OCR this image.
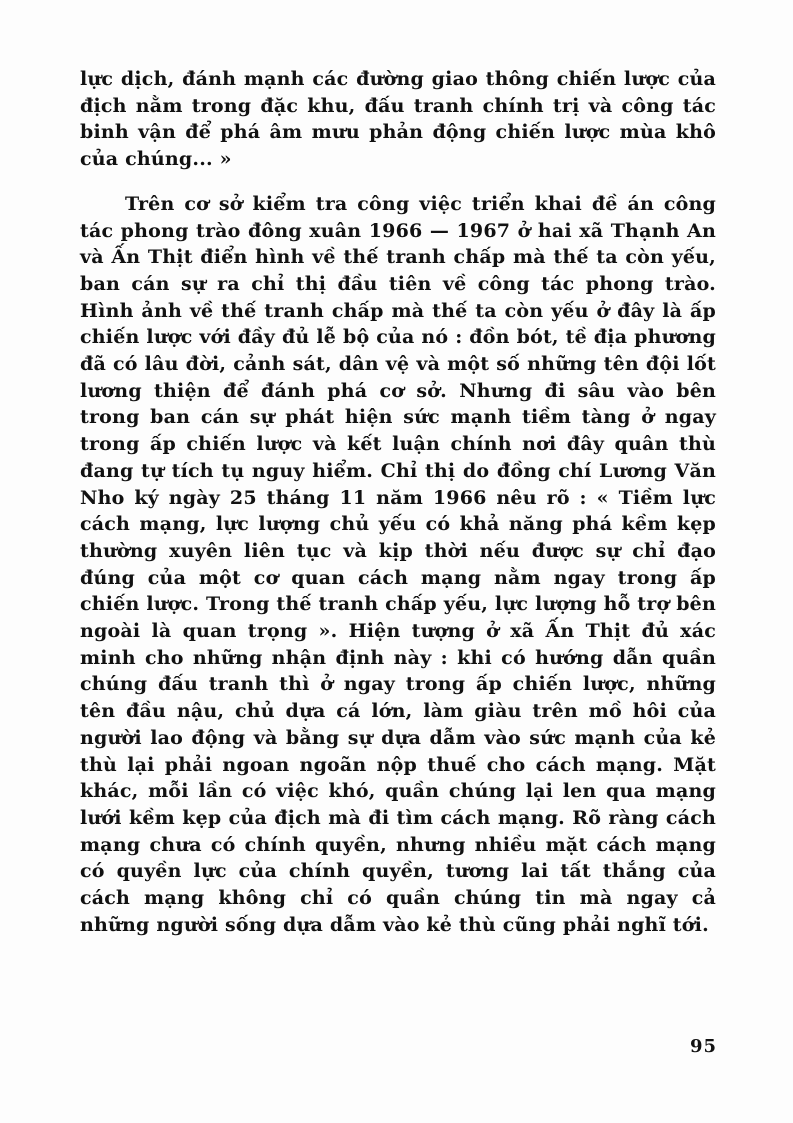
lực dịch, đánh mạnh các đường giao thông chiến lược của địch nằm trong đặc khu, đấu tranh chính trị và công tác binh vận để phá âm mưu phản động chiến lược mùa khô của chúng... »

Trên cơ sở kiểm tra công việc triển khai đề án công tác phong trào đông xuân 1966 — 1967 ở hai xã Thạnh An và Ấn Thịt điển hình về thế tranh chấp mà thế ta còn yếu, ban cán sự ra chỉ thị đầu tiên về công tác phong trào. Hình ảnh về thế tranh chấp mà thế ta còn yếu ở đây là ấp chiến lược với đầy đủ lễ bộ của nó : đồn bót, tề địa phương đã có lâu đời, cảnh sát, dân vệ và một số những tên đội lốt lương thiện để đánh phá cơ sở. Nhưng đi sâu vào bên trong ban cán sự phát hiện sức mạnh tiềm tàng ở ngay trong ấp chiến lược và kết luận chính nơi đây quân thù đang tự tích tụ nguy hiểm. Chỉ thị do đồng chí Lương Văn Nho ký ngày 25 tháng 11 năm 1966 nêu rõ : « Tiềm lực cách mạng, lực lượng chủ yếu có khả năng phá kềm kẹp thường xuyên liên tục và kịp thời nếu được sự chỉ đạo đúng của một cơ quan cách mạng nằm ngay trong ấp chiến lược. Trong thế tranh chấp yếu, lực lượng hỗ trợ bên ngoài là quan trọng ». Hiện tượng ở xã Ấn Thịt đủ xác minh cho những nhận định này : khi có hướng dẫn quần chúng đấu tranh thì ở ngay trong ấp chiến lược, những tên đầu nậu, chủ dựa cá lớn, làm giàu trên mồ hôi của người lao động và bằng sự dựa dẫm vào sức mạnh của kẻ thù lại phải ngoan ngoãn nộp thuế cho cách mạng. Mặt khác, mỗi lần có việc khó, quần chúng lại len qua mạng lưới kềm kẹp của địch mà đi tìm cách mạng. Rõ ràng cách mạng chưa có chính quyền, nhưng nhiều mặt cách mạng có quyền lực của chính quyền, tương lai tất thắng của cách mạng không chỉ có quần chúng tin mà ngay cả những người sống dựa dẫm vào kẻ thù cũng phải nghĩ tới.

95
